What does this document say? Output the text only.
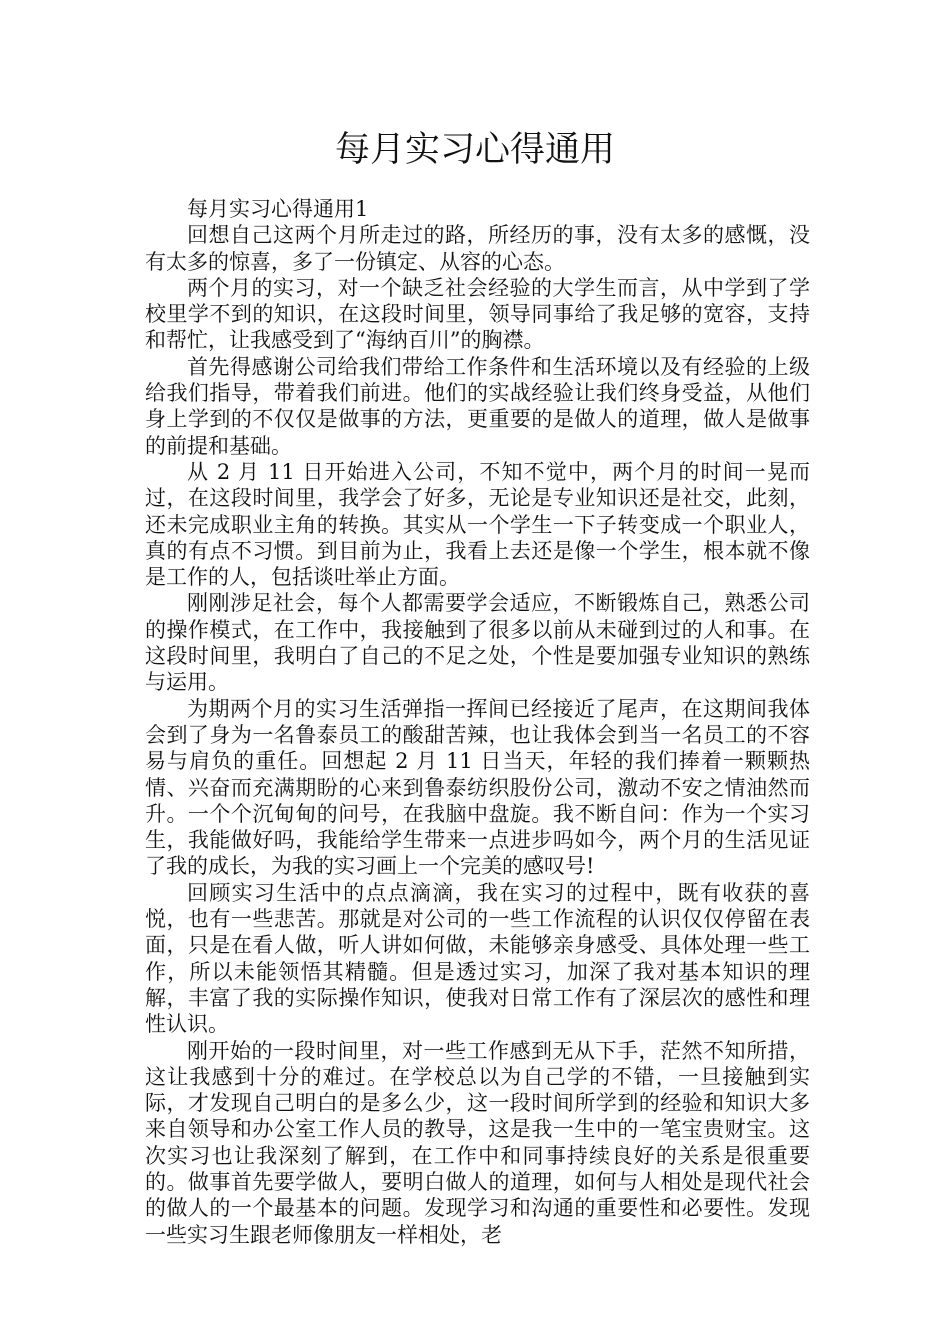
每月实习心得通用

每月实习心得通用1

回想自己这两个月所走过的路，所经历的事，没有太多的感慨，没有太多的惊喜，多了一份镇定、从容的心态。

两个月的实习，对一个缺乏社会经验的大学生而言，从中学到了学校里学不到的知识，在这段时间里，领导同事给了我足够的宽容，支持和帮忙，让我感受到了“海纳百川”的胸襟。

首先得感谢公司给我们带给工作条件和生活环境以及有经验的上级给我们指导，带着我们前进。他们的实战经验让我们终身受益，从他们身上学到的不仅仅是做事的方法，更重要的是做人的道理，做人是做事的前提和基础。

从 2 月 11 日开始进入公司，不知不觉中，两个月的时间一晃而过，在这段时间里，我学会了好多，无论是专业知识还是社交，此刻，还未完成职业主角的转换。其实从一个学生一下子转变成一个职业人，真的有点不习惯。到目前为止，我看上去还是像一个学生，根本就不像是工作的人，包括谈吐举止方面。

刚刚涉足社会，每个人都需要学会适应，不断锻炼自己，熟悉公司的操作模式，在工作中，我接触到了很多以前从未碰到过的人和事。在这段时间里，我明白了自己的不足之处，个性是要加强专业知识的熟练与运用。

为期两个月的实习生活弹指一挥间已经接近了尾声，在这期间我体会到了身为一名鲁泰员工的酸甜苦辣，也让我体会到当一名员工的不容易与肩负的重任。回想起 2 月 11 日当天，年轻的我们捧着一颗颗热情、兴奋而充满期盼的心来到鲁泰纺织股份公司，激动不安之情油然而升。一个个沉甸甸的问号，在我脑中盘旋。我不断自问：作为一个实习生，我能做好吗，我能给学生带来一点进步吗如今，两个月的生活见证了我的成长，为我的实习画上一个完美的感叹号!

回顾实习生活中的点点滴滴，我在实习的过程中，既有收获的喜悦，也有一些悲苦。那就是对公司的一些工作流程的认识仅仅停留在表面，只是在看人做，听人讲如何做，未能够亲身感受、具体处理一些工作，所以未能领悟其精髓。但是透过实习，加深了我对基本知识的理解，丰富了我的实际操作知识，使我对日常工作有了深层次的感性和理性认识。

刚开始的一段时间里，对一些工作感到无从下手，茫然不知所措，这让我感到十分的难过。在学校总以为自己学的不错，一旦接触到实际，才发现自己明白的是多么少，这一段时间所学到的经验和知识大多来自领导和办公室工作人员的教导，这是我一生中的一笔宝贵财宝。这次实习也让我深刻了解到，在工作中和同事持续良好的关系是很重要的。做事首先要学做人，要明白做人的道理，如何与人相处是现代社会的做人的一个最基本的问题。发现学习和沟通的重要性和必要性。发现一些实习生跟老师像朋友一样相处，老
